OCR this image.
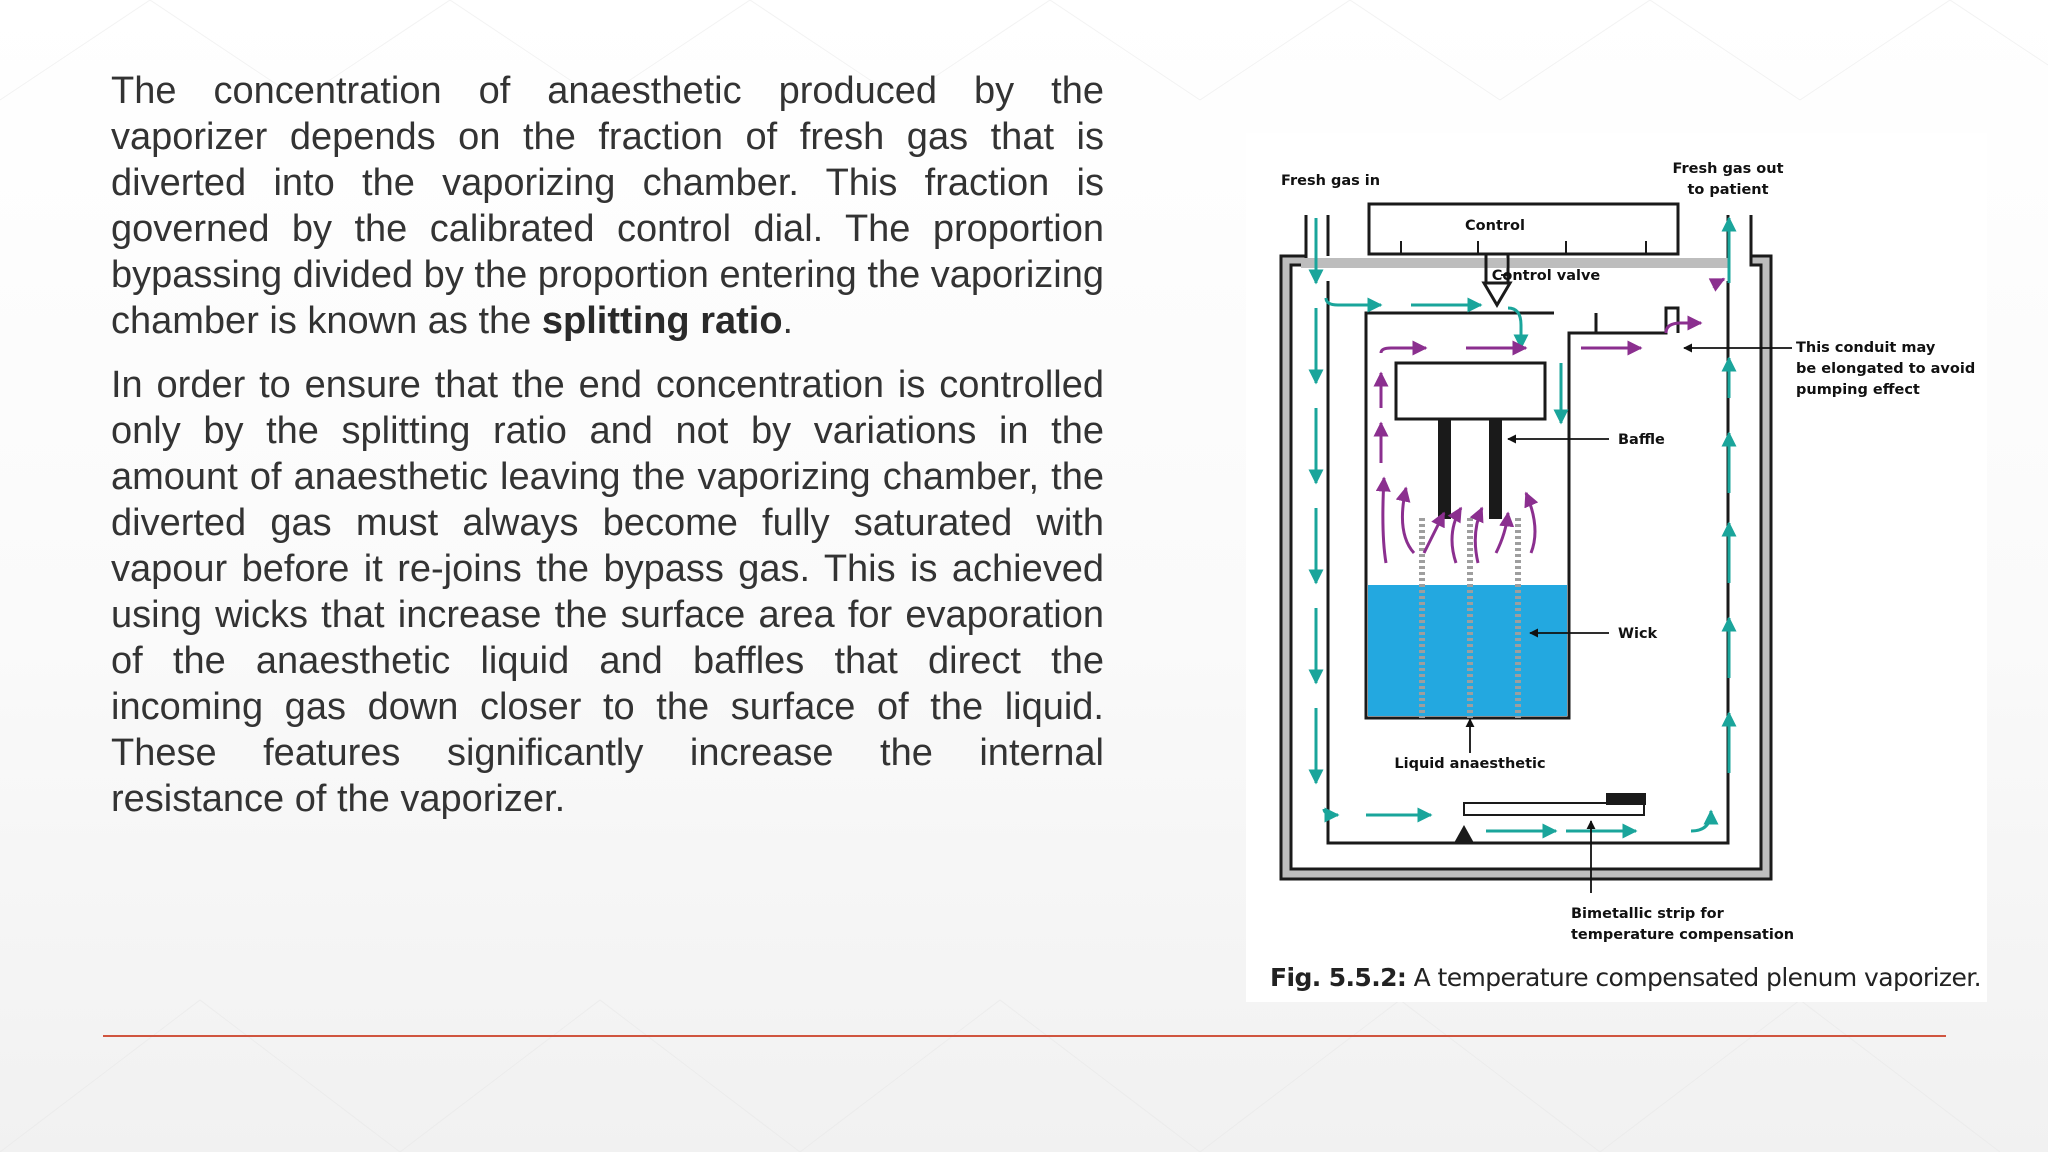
The concentration of anaesthetic produced by the vaporizer depends on the fraction of fresh gas that is diverted into the vaporizing chamber. This fraction is governed by the calibrated control dial. The proportion bypassing divided by the proportion entering the vaporizing chamber is known as the splitting ratio.

In order to ensure that the end concentration is controlled only by the splitting ratio and not by variations in the amount of anaesthetic leaving the vaporizing chamber, the diverted gas must always become fully saturated with vapour before it re-joins the bypass gas. This is achieved using wicks that increase the surface area for evaporation of the anaesthetic liquid and baffles that direct the incoming gas down closer to the surface of the liquid. These features significantly increase the internal resistance of the vaporizer.

Fresh gas in
Fresh gas out
to patient
Control
Control valve
This conduit may
be elongated to avoid
pumping effect
Baffle
Wick
Liquid anaesthetic
Bimetallic strip for
temperature compensation
Fig. 5.5.2: A temperature compensated plenum vaporizer.
